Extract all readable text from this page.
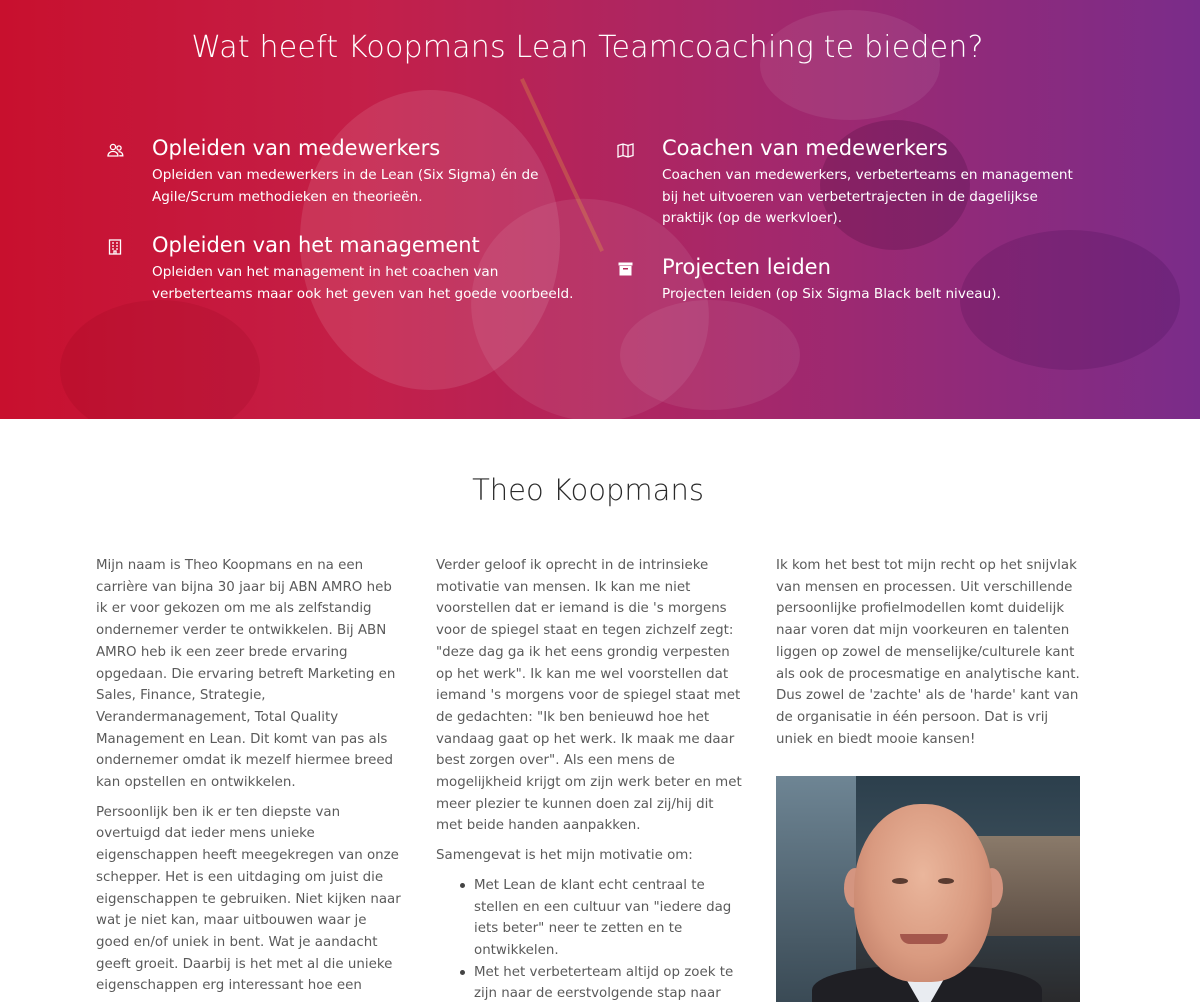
Wat heeft Koopmans Lean Teamcoaching te bieden?
Opleiden van medewerkers

Opleiden van medewerkers in de Lean (Six Sigma) én de Agile/Scrum methodieken en theorieën.

Opleiden van het management

Opleiden van het management in het coachen van verbeterteams maar ook het geven van het goede voorbeeld.

Coachen van medewerkers

Coachen van medewerkers, verbeterteams en management bij het uitvoeren van verbetertrajecten in de dagelijkse praktijk (op de werkvloer).

Projecten leiden

Projecten leiden (op Six Sigma Black belt niveau).

Theo Koopmans

Mijn naam is Theo Koopmans en na een carrière van bijna 30 jaar bij ABN AMRO heb ik er voor gekozen om me als zelfstandig ondernemer verder te ontwikkelen. Bij ABN AMRO heb ik een zeer brede ervaring opgedaan. Die ervaring betreft Marketing en Sales, Finance, Strategie, Verandermanagement, Total Quality Management en Lean. Dit komt van pas als ondernemer omdat ik mezelf hiermee breed kan opstellen en ontwikkelen.

Persoonlijk ben ik er ten diepste van overtuigd dat ieder mens unieke eigenschappen heeft meegekregen van onze schepper. Het is een uitdaging om juist die eigenschappen te gebruiken. Niet kijken naar wat je niet kan, maar uitbouwen waar je goed en/of uniek in bent. Wat je aandacht geeft groeit. Daarbij is het met al die unieke eigenschappen erg interessant hoe een

Verder geloof ik oprecht in de intrinsieke motivatie van mensen. Ik kan me niet voorstellen dat er iemand is die 's morgens voor de spiegel staat en tegen zichzelf zegt: "deze dag ga ik het eens grondig verpesten op het werk". Ik kan me wel voorstellen dat iemand 's morgens voor de spiegel staat met de gedachten: "Ik ben benieuwd hoe het vandaag gaat op het werk. Ik maak me daar best zorgen over". Als een mens de mogelijkheid krijgt om zijn werk beter en met meer plezier te kunnen doen zal zij/hij dit met beide handen aanpakken.

Samengevat is het mijn motivatie om:

Met Lean de klant echt centraal te stellen en een cultuur van "iedere dag iets beter" neer te zetten en te ontwikkelen.
Met het verbeterteam altijd op zoek te zijn naar de eerstvolgende stap naar

Ik kom het best tot mijn recht op het snijvlak van mensen en processen. Uit verschillende persoonlijke profielmodellen komt duidelijk naar voren dat mijn voorkeuren en talenten liggen op zowel de menselijke/culturele kant als ook de procesmatige en analytische kant. Dus zowel de 'zachte' als de 'harde' kant van de organisatie in één persoon. Dat is vrij uniek en biedt mooie kansen!
